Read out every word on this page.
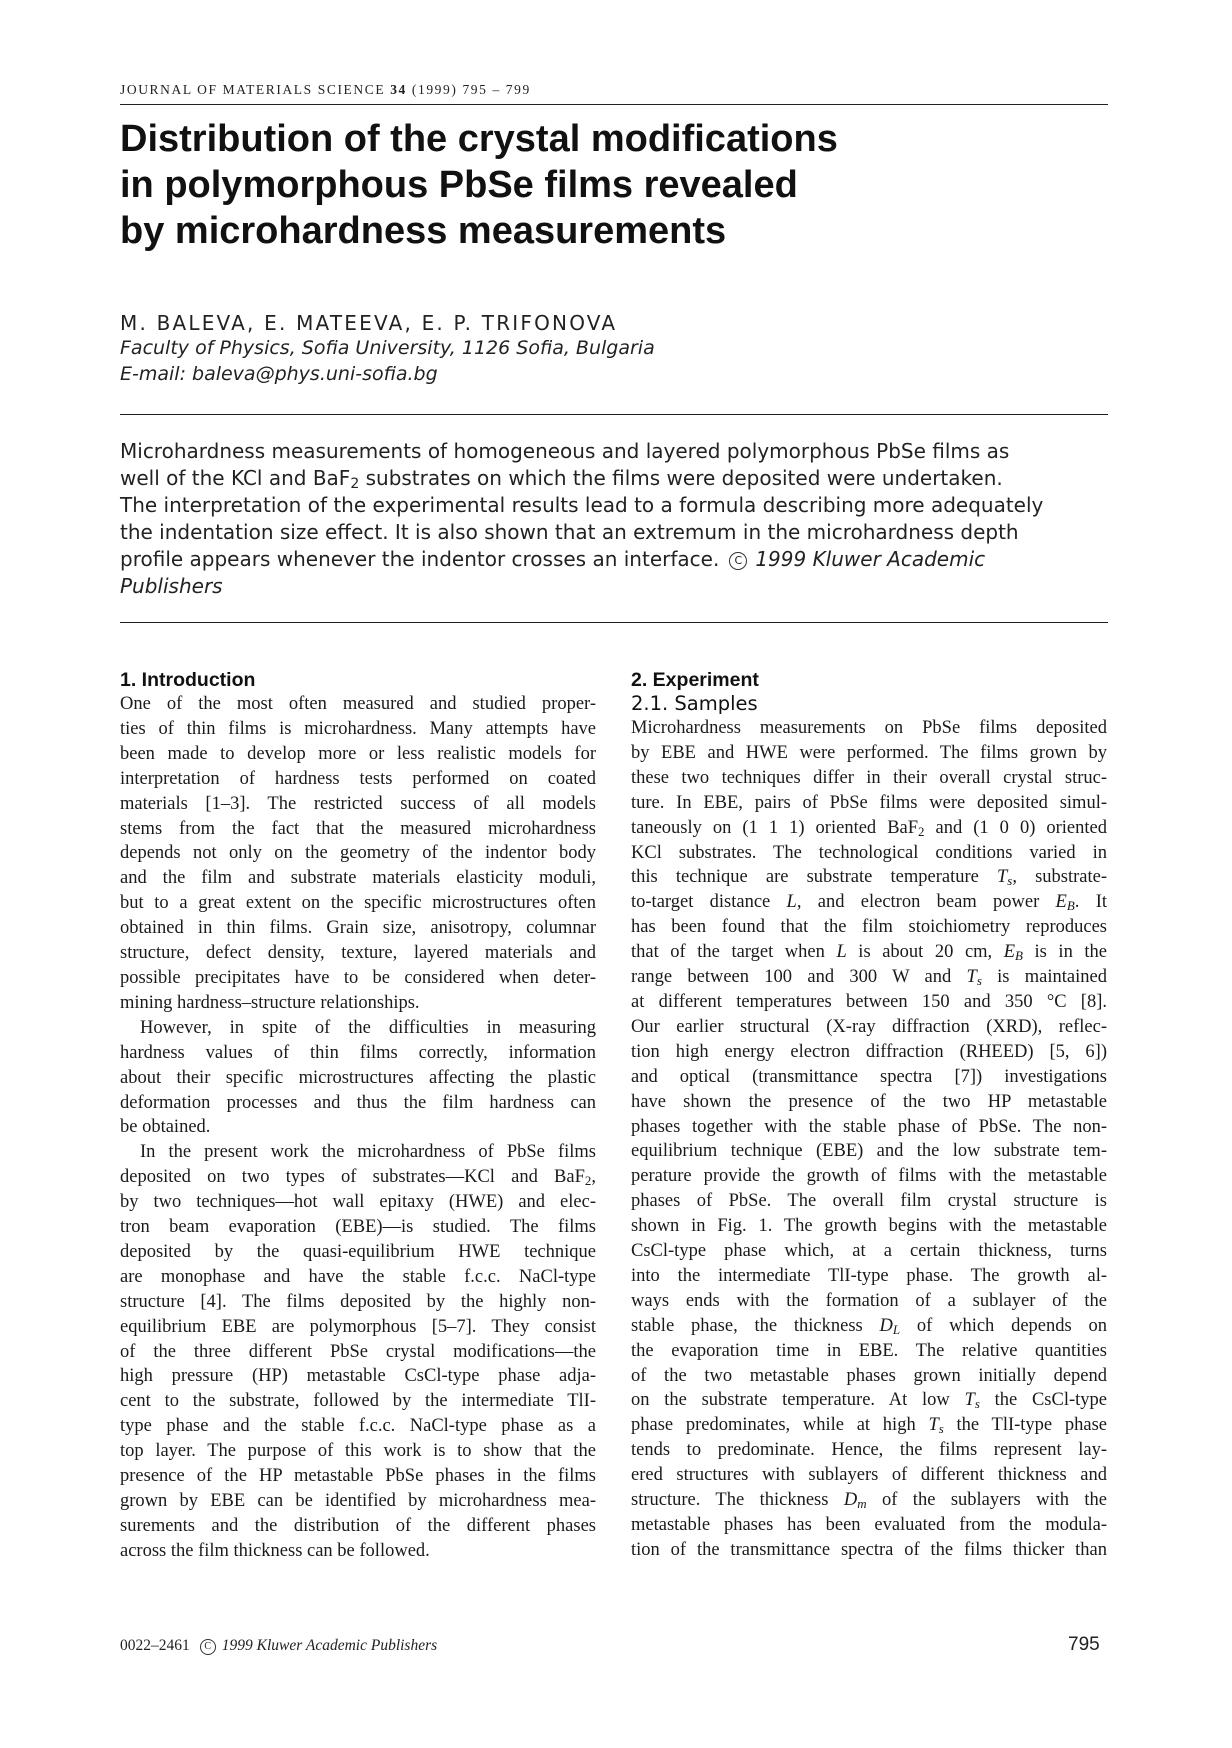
JOURNAL OF MATERIALS SCIENCE 34 (1999) 795 – 799
Distribution of the crystal modifications
in polymorphous PbSe films revealed
by microhardness measurements
M. BALEVA, E. MATEEVA, E. P. TRIFONOVA
Faculty of Physics, Sofia University, 1126 Sofia, Bulgaria
E-mail: baleva@phys.uni-sofia.bg
Microhardness measurements of homogeneous and layered polymorphous PbSe films as
well of the KCl and BaF$_2$ substrates on which the films were deposited were undertaken.
The interpretation of the experimental results lead to a formula describing more adequately
the indentation size effect. It is also shown that an extremum in the microhardness depth
profile appears whenever the indentor crosses an interface. C 1999 Kluwer Academic
Publishers
1. Introduction
One of the most often measured and studied proper-
ties of thin films is microhardness. Many attempts have
been made to develop more or less realistic models for
interpretation of hardness tests performed on coated
materials [1–3]. The restricted success of all models
stems from the fact that the measured microhardness
depends not only on the geometry of the indentor body
and the film and substrate materials elasticity moduli,
but to a great extent on the specific microstructures often
obtained in thin films. Grain size, anisotropy, columnar
structure, defect density, texture, layered materials and
possible precipitates have to be considered when deter-
mining hardness–structure relationships.
However, in spite of the difficulties in measuring
hardness values of thin films correctly, information
about their specific microstructures affecting the plastic
deformation processes and thus the film hardness can
be obtained.
In the present work the microhardness of PbSe films
deposited on two types of substrates—KCl and BaF$_2$,
by two techniques—hot wall epitaxy (HWE) and elec-
tron beam evaporation (EBE)—is studied. The films
deposited by the quasi-equilibrium HWE technique
are monophase and have the stable f.c.c. NaCl-type
structure [4]. The films deposited by the highly non-
equilibrium EBE are polymorphous [5–7]. They consist
of the three different PbSe crystal modifications—the
high pressure (HP) metastable CsCl-type phase adja-
cent to the substrate, followed by the intermediate TlI-
type phase and the stable f.c.c. NaCl-type phase as a
top layer. The purpose of this work is to show that the
presence of the HP metastable PbSe phases in the films
grown by EBE can be identified by microhardness mea-
surements and the distribution of the different phases
across the film thickness can be followed.
2. Experiment
2.1. Samples
Microhardness measurements on PbSe films deposited
by EBE and HWE were performed. The films grown by
these two techniques differ in their overall crystal struc-
ture. In EBE, pairs of PbSe films were deposited simul-
taneously on (1 1 1) oriented BaF$_2$ and (1 0 0) oriented
KCl substrates. The technological conditions varied in
this technique are substrate temperature $T_s$, substrate-
to-target distance L, and electron beam power $E_B$. It
has been found that the film stoichiometry reproduces
that of the target when L is about 20 cm, $E_B$ is in the
range between 100 and 300 W and $T_s$ is maintained
at different temperatures between 150 and 350 °C [8].
Our earlier structural (X-ray diffraction (XRD), reflec-
tion high energy electron diffraction (RHEED) [5, 6])
and optical (transmittance spectra [7]) investigations
have shown the presence of the two HP metastable
phases together with the stable phase of PbSe. The non-
equilibrium technique (EBE) and the low substrate tem-
perature provide the growth of films with the metastable
phases of PbSe. The overall film crystal structure is
shown in Fig. 1. The growth begins with the metastable
CsCl-type phase which, at a certain thickness, turns
into the intermediate TlI-type phase. The growth al-
ways ends with the formation of a sublayer of the
stable phase, the thickness $D_L$ of which depends on
the evaporation time in EBE. The relative quantities
of the two metastable phases grown initially depend
on the substrate temperature. At low $T_s$ the CsCl-type
phase predominates, while at high $T_s$ the TlI-type phase
tends to predominate. Hence, the films represent lay-
ered structures with sublayers of different thickness and
structure. The thickness $D_m$ of the sublayers with the
metastable phases has been evaluated from the modula-
tion of the transmittance spectra of the films thicker than
0022–2461 C 1999 Kluwer Academic Publishers	795
